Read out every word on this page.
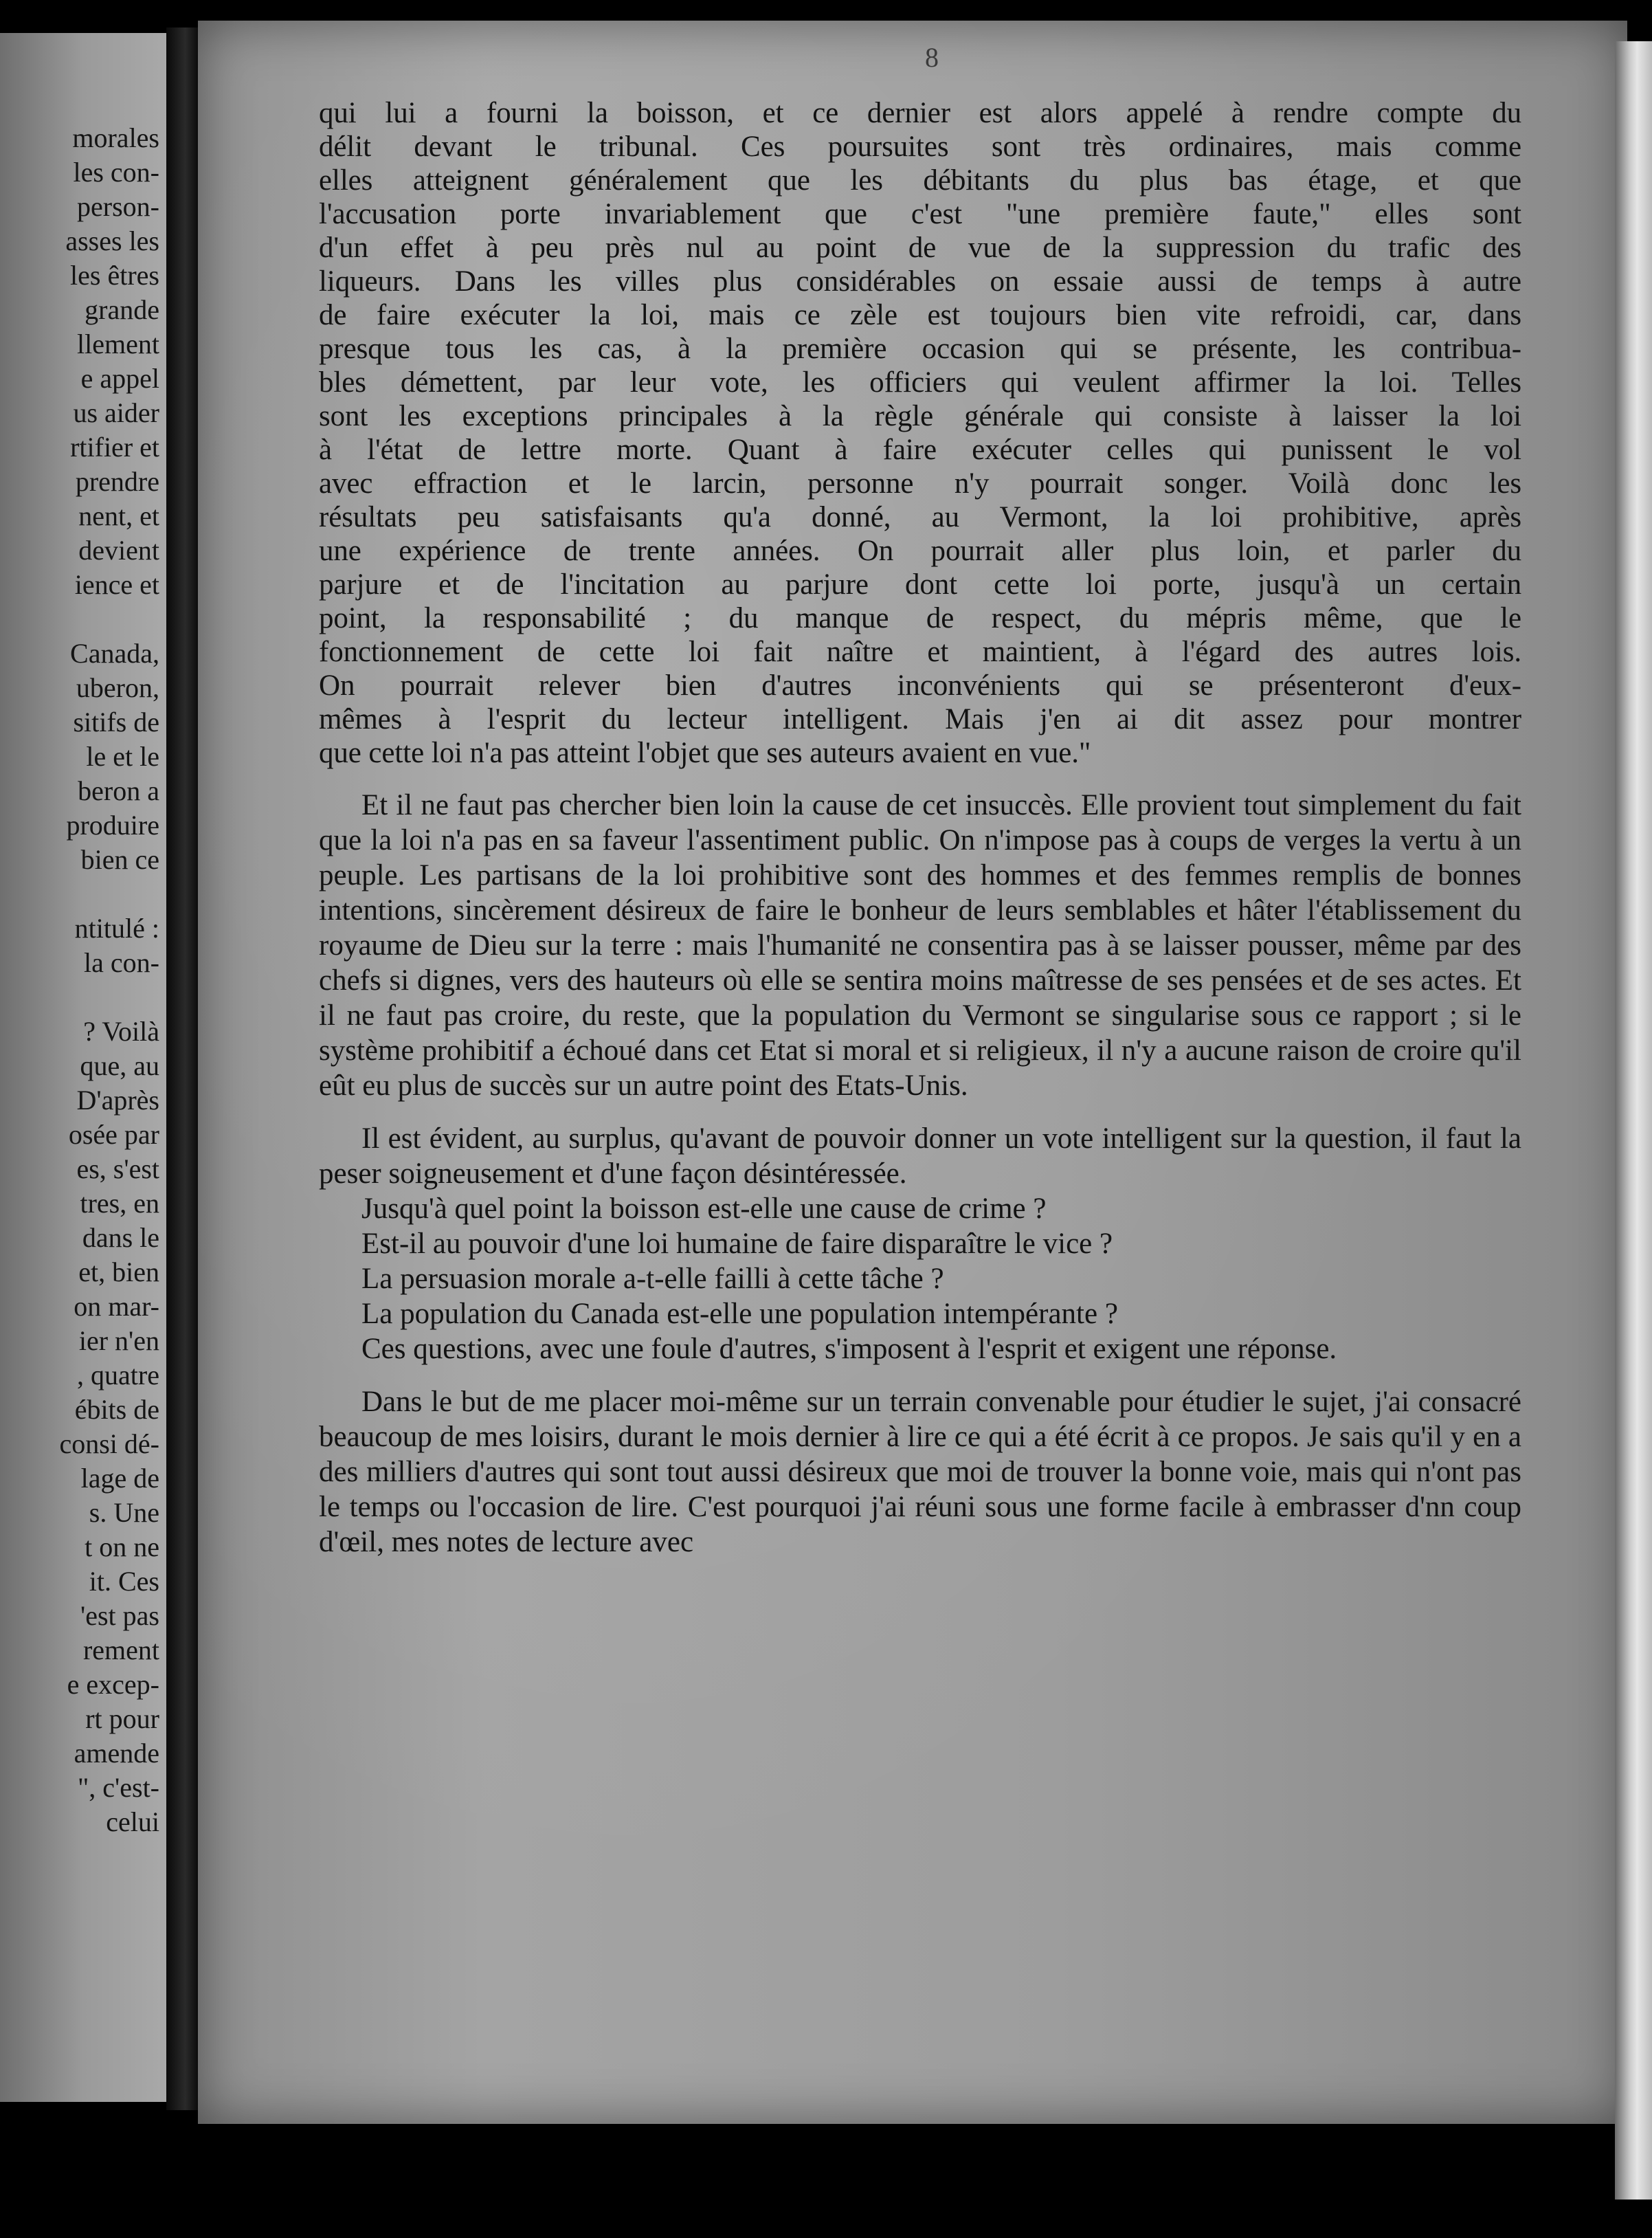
morales
les con-
person-
asses les
les êtres
grande
llement
e appel
us aider
rtifier et
prendre
nent, et
devient
ience et
Canada,
uberon,
sitifs de
le et le
beron a
produire
bien ce
ntitulé :
la con-
? Voilà
que, au
D'après
osée par
es, s'est
tres, en
dans le
et, bien
on mar-
ier n'en
, quatre
ébits de
consi dé-
lage de
s. Une
t on ne
it. Ces
'est pas
rement
e excep-
rt pour
amende
", c'est-
celui
8
qui lui a fourni la boisson, et ce dernier est alors appelé à rendre compte du
délit devant le tribunal. Ces poursuites sont très ordinaires, mais comme
elles atteignent généralement que les débitants du plus bas étage, et que
l'accusation porte invariablement que c'est "une première faute," elles sont
d'un effet à peu près nul au point de vue de la suppression du trafic des
liqueurs. Dans les villes plus considérables on essaie aussi de temps à autre
de faire exécuter la loi, mais ce zèle est toujours bien vite refroidi, car, dans
presque tous les cas, à la première occasion qui se présente, les contribua-
bles démettent, par leur vote, les officiers qui veulent affirmer la loi. Telles
sont les exceptions principales à la règle générale qui consiste à laisser la loi
à l'état de lettre morte. Quant à faire exécuter celles qui punissent le vol
avec effraction et le larcin, personne n'y pourrait songer. Voilà donc les
résultats peu satisfaisants qu'a donné, au Vermont, la loi prohibitive, après
une expérience de trente années. On pourrait aller plus loin, et parler du
parjure et de l'incitation au parjure dont cette loi porte, jusqu'à un certain
point, la responsabilité ; du manque de respect, du mépris même, que le
fonctionnement de cette loi fait naître et maintient, à l'égard des autres lois.
On pourrait relever bien d'autres inconvénients qui se présenteront d'eux-
mêmes à l'esprit du lecteur intelligent. Mais j'en ai dit assez pour montrer
que cette loi n'a pas atteint l'objet que ses auteurs avaient en vue."

Et il ne faut pas chercher bien loin la cause de cet insuccès. Elle provient tout simplement du fait que la loi n'a pas en sa faveur l'assentiment public. On n'impose pas à coups de verges la vertu à un peuple. Les partisans de la loi prohibitive sont des hommes et des femmes remplis de bonnes intentions, sincèrement désireux de faire le bonheur de leurs semblables et hâter l'établissement du royaume de Dieu sur la terre : mais l'humanité ne consentira pas à se laisser pousser, même par des chefs si dignes, vers des hauteurs où elle se sentira moins maîtresse de ses pensées et de ses actes. Et il ne faut pas croire, du reste, que la population du Vermont se singularise sous ce rapport ; si le système prohibitif a échoué dans cet Etat si moral et si religieux, il n'y a aucune raison de croire qu'il eût eu plus de succès sur un autre point des Etats-Unis.

Il est évident, au surplus, qu'avant de pouvoir donner un vote intelligent sur la question, il faut la peser soigneusement et d'une façon désintéressée.

Jusqu'à quel point la boisson est-elle une cause de crime ?
Est-il au pouvoir d'une loi humaine de faire disparaître le vice ?
La persuasion morale a-t-elle failli à cette tâche ?
La population du Canada est-elle une population intempérante ?

Ces questions, avec une foule d'autres, s'imposent à l'esprit et exigent une réponse.

Dans le but de me placer moi-même sur un terrain convenable pour étudier le sujet, j'ai consacré beaucoup de mes loisirs, durant le mois dernier à lire ce qui a été écrit à ce propos. Je sais qu'il y en a des milliers d'autres qui sont tout aussi désireux que moi de trouver la bonne voie, mais qui n'ont pas le temps ou l'occasion de lire. C'est pourquoi j'ai réuni sous une forme facile à embrasser d'nn coup d'œil, mes notes de lecture avec
